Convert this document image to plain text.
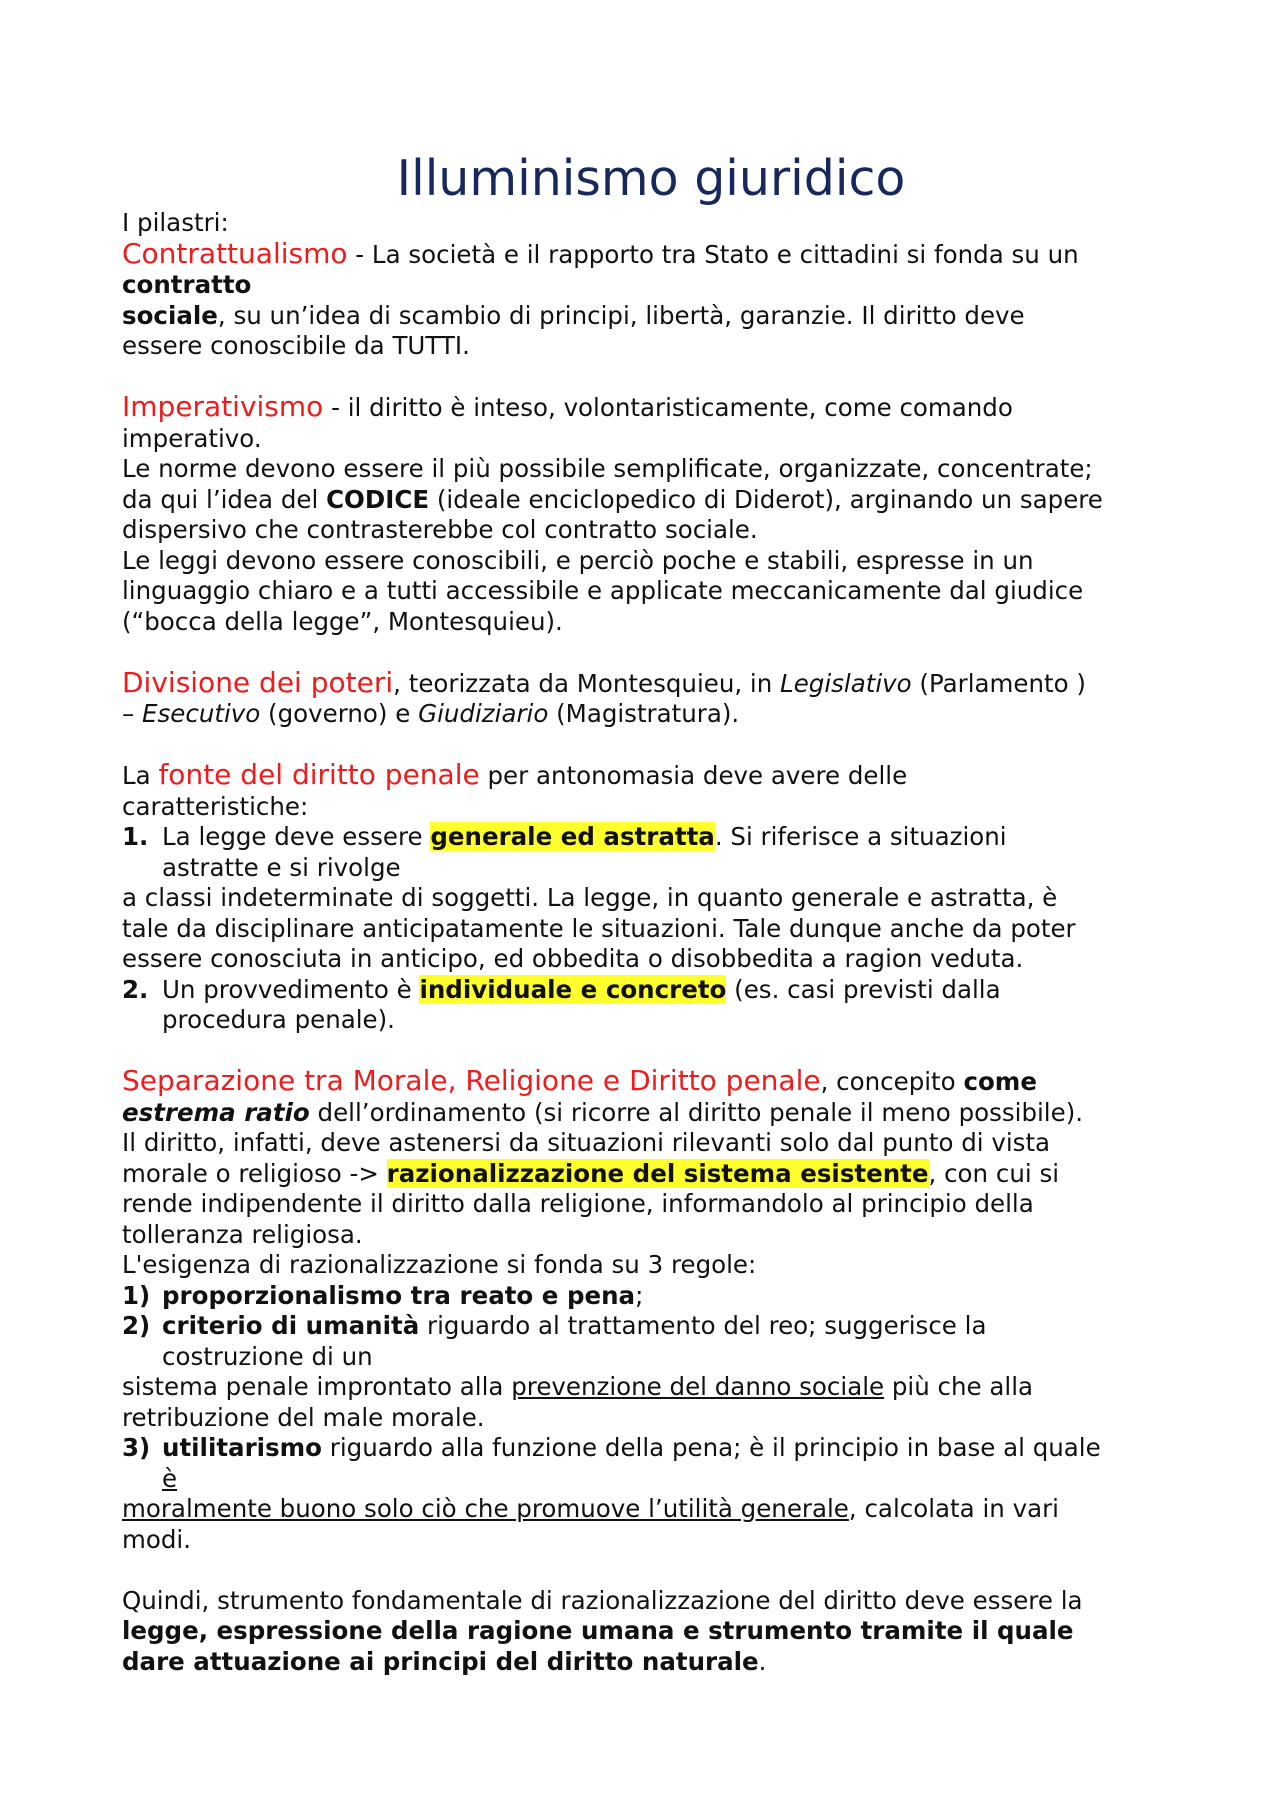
Illuminismo giuridico
I pilastri:
Contrattualismo - La società e il rapporto tra Stato e cittadini si fonda su un
contratto
sociale, su un’idea di scambio di principi, libertà, garanzie. Il diritto deve
essere conoscibile da TUTTI.
Imperativismo - il diritto è inteso, volontaristicamente, come comando
imperativo.
Le norme devono essere il più possibile semplificate, organizzate, concentrate;
da qui l’idea del CODICE (ideale enciclopedico di Diderot), arginando un sapere
dispersivo che contrasterebbe col contratto sociale.
Le leggi devono essere conoscibili, e perciò poche e stabili, espresse in un
linguaggio chiaro e a tutti accessibile e applicate meccanicamente dal giudice
(“bocca della legge”, Montesquieu).
Divisione dei poteri, teorizzata da Montesquieu, in Legislativo (Parlamento )
– Esecutivo (governo) e Giudiziario (Magistratura).
La fonte del diritto penale per antonomasia deve avere delle
caratteristiche:
1. La legge deve essere generale ed astratta. Si riferisce a situazioni
astratte e si rivolge
a classi indeterminate di soggetti. La legge, in quanto generale e astratta, è
tale da disciplinare anticipatamente le situazioni. Tale dunque anche da poter
essere conosciuta in anticipo, ed obbedita o disobbedita a ragion veduta.
2. Un provvedimento è individuale e concreto (es. casi previsti dalla
procedura penale).
Separazione tra Morale, Religione e Diritto penale, concepito come
estrema ratio dell’ordinamento (si ricorre al diritto penale il meno possibile).
Il diritto, infatti, deve astenersi da situazioni rilevanti solo dal punto di vista
morale o religioso -> razionalizzazione del sistema esistente, con cui si
rende indipendente il diritto dalla religione, informandolo al principio della
tolleranza religiosa.
L'esigenza di razionalizzazione si fonda su 3 regole:
1) proporzionalismo tra reato e pena;
2) criterio di umanità riguardo al trattamento del reo; suggerisce la
costruzione di un
sistema penale improntato alla prevenzione del danno sociale più che alla
retribuzione del male morale.
3) utilitarismo riguardo alla funzione della pena; è il principio in base al quale
è
moralmente buono solo ciò che promuove l’utilità generale, calcolata in vari
modi.
Quindi, strumento fondamentale di razionalizzazione del diritto deve essere la
legge, espressione della ragione umana e strumento tramite il quale
dare attuazione ai principi del diritto naturale.
